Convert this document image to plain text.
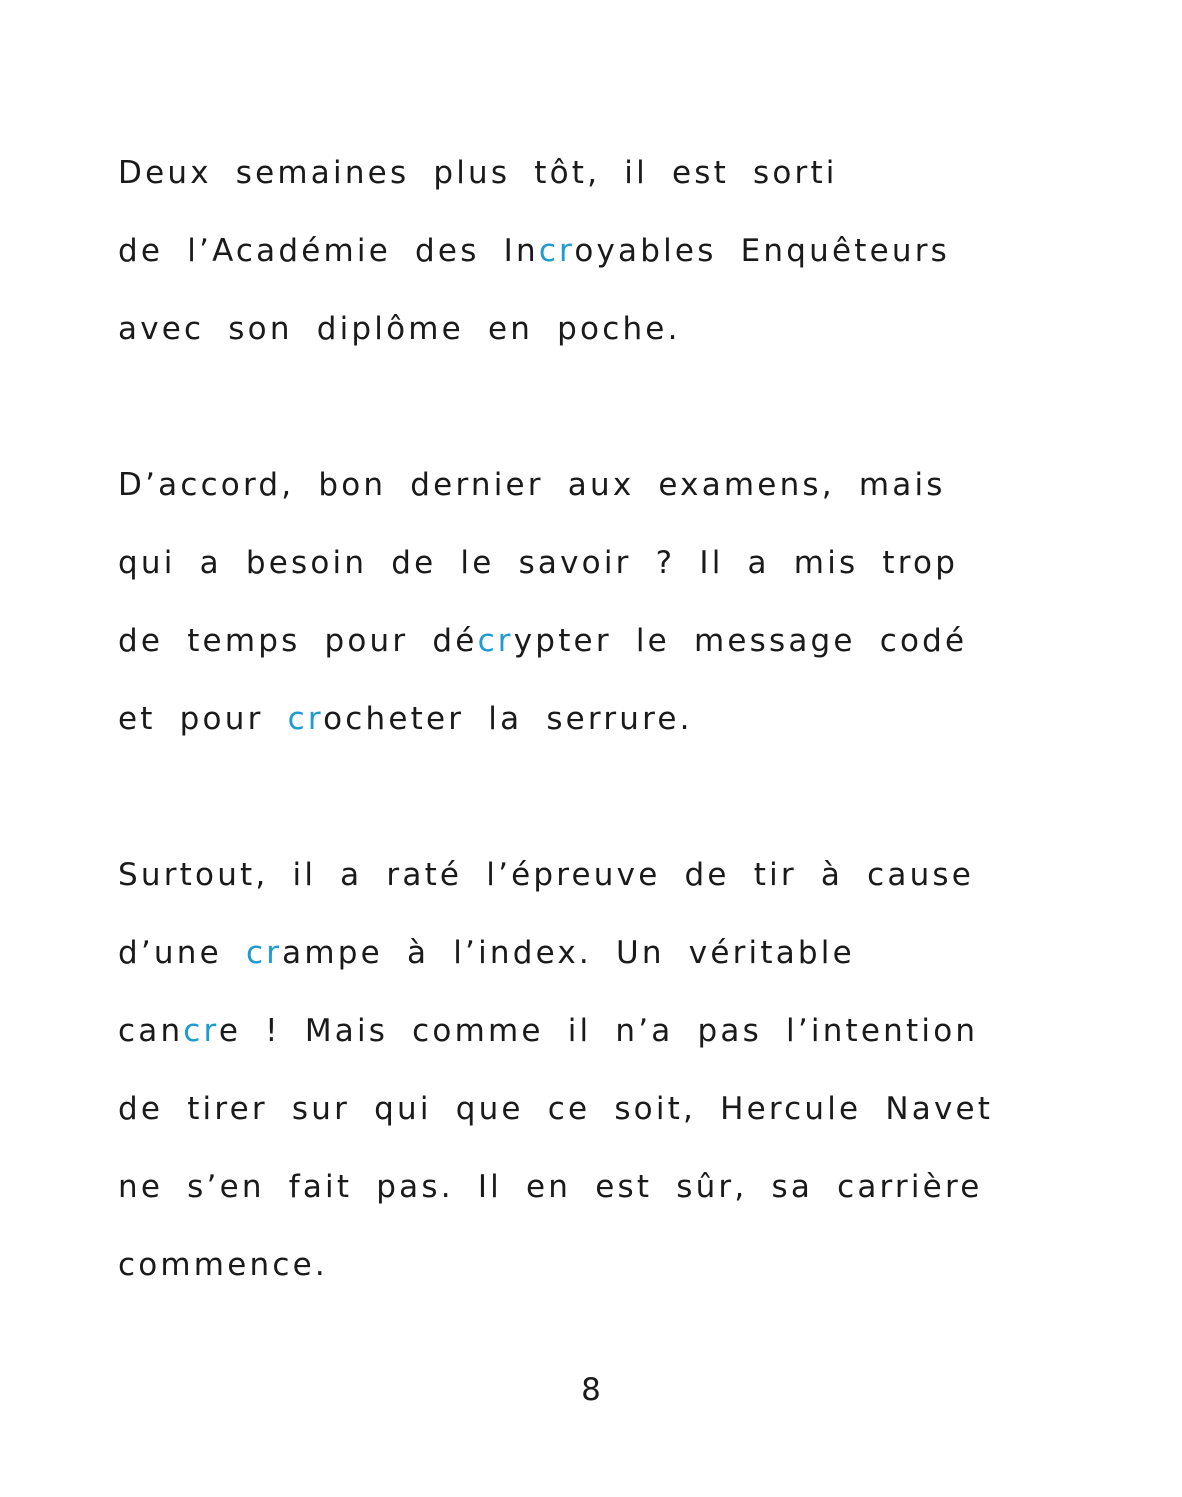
Deux semaines plus tôt, il est sorti
de l’Académie des Incroyables Enquêteurs
avec son diplôme en poche.
D’accord, bon dernier aux examens, mais
qui a besoin de le savoir ? Il a mis trop
de temps pour décrypter le message codé
et pour crocheter la serrure.
Surtout, il a raté l’épreuve de tir à cause
d’une crampe à l’index. Un véritable
cancre ! Mais comme il n’a pas l’intention
de tirer sur qui que ce soit, Hercule Navet
ne s’en fait pas. Il en est sûr, sa carrière
commence.
8
